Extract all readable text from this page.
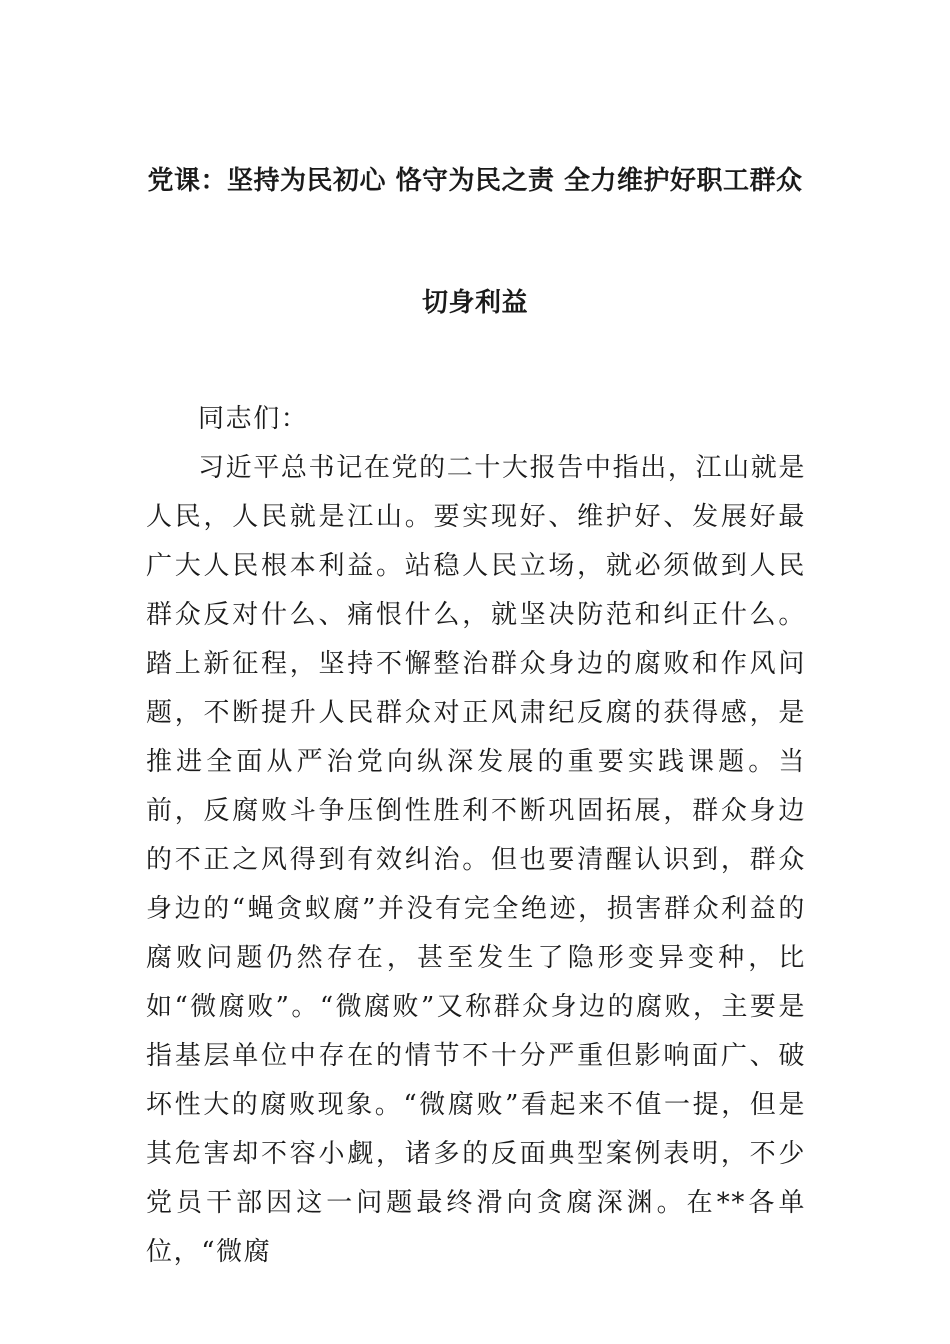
党课：坚持为民初心 恪守为民之责 全力维护好职工群众
切身利益

同志们：

习近平总书记在党的二十大报告中指出，江山就是人民，人民就是江山。要实现好、维护好、发展好最广大人民根本利益。站稳人民立场，就必须做到人民群众反对什么、痛恨什么，就坚决防范和纠正什么。踏上新征程，坚持不懈整治群众身边的腐败和作风问题，不断提升人民群众对正风肃纪反腐的获得感，是推进全面从严治党向纵深发展的重要实践课题。当前，反腐败斗争压倒性胜利不断巩固拓展，群众身边的不正之风得到有效纠治。但也要清醒认识到，群众身边的“蝇贪蚁腐”并没有完全绝迹，损害群众利益的腐败问题仍然存在，甚至发生了隐形变异变种，比如“微腐败”。“微腐败”又称群众身边的腐败，主要是指基层单位中存在的情节不十分严重但影响面广、破坏性大的腐败现象。“微腐败”看起来不值一提，但是其危害却不容小觑，诸多的反面典型案例表明，不少党员干部因这一问题最终滑向贪腐深渊。在**各单位，“微腐
